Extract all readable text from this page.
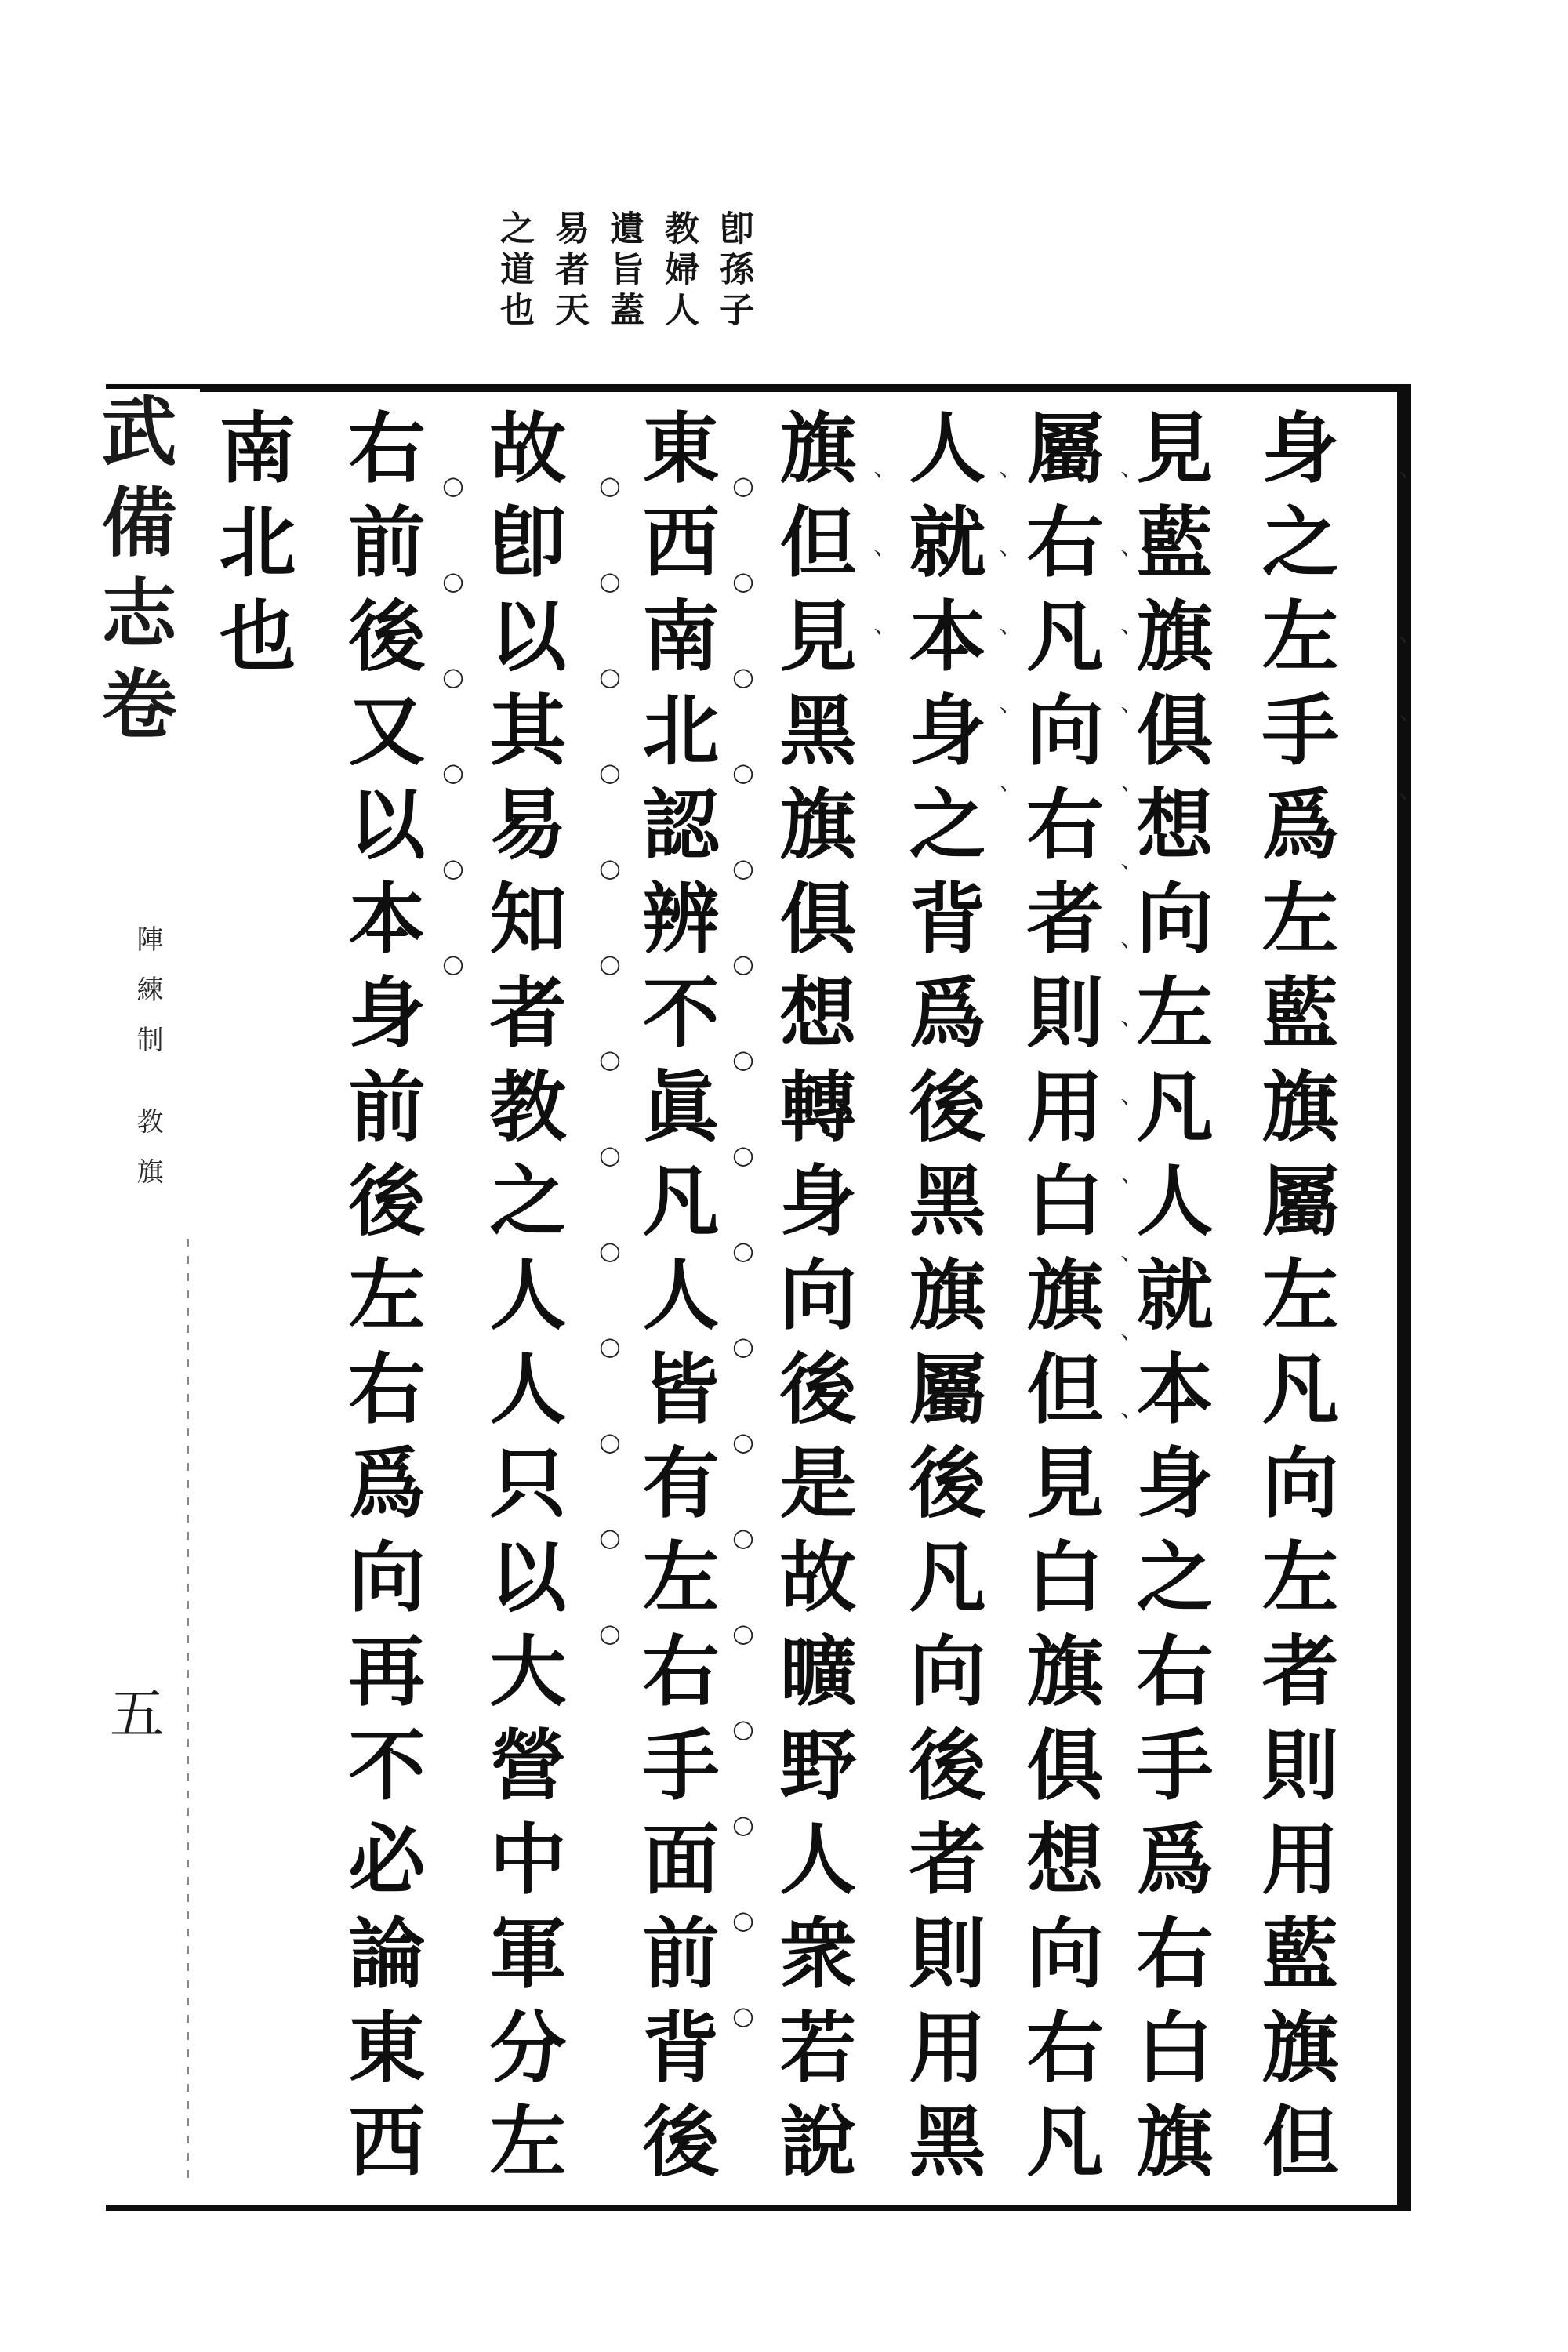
卽孫子
教婦人
遺旨蓋
易者天
之道也
武備志卷
陣練制 教旗
五	身之左手爲左藍旗屬左凡向左者則用藍旗但
見藍旗俱想向左凡人就本身之右手爲右白旗
屬右凡向右者則用白旗但見白旗俱想向右凡
人就本身之背爲後黑旗屬後凡向後者則用黑
旗但見黑旗俱想轉身向後是故曠野人衆若說
東西南北認辨不眞凡人皆有左右手面前背後
故卽以其易知者教之人人只以大營中軍分左
右前後又以本身前後左右爲向再不必論東西
南北也	、 、、、
、、、、、、、、、、、、、
、、、、、
、、、
○○○○○○○○○○○○○○○○○
○○○○○○○○○○○○○
○○○○○○
